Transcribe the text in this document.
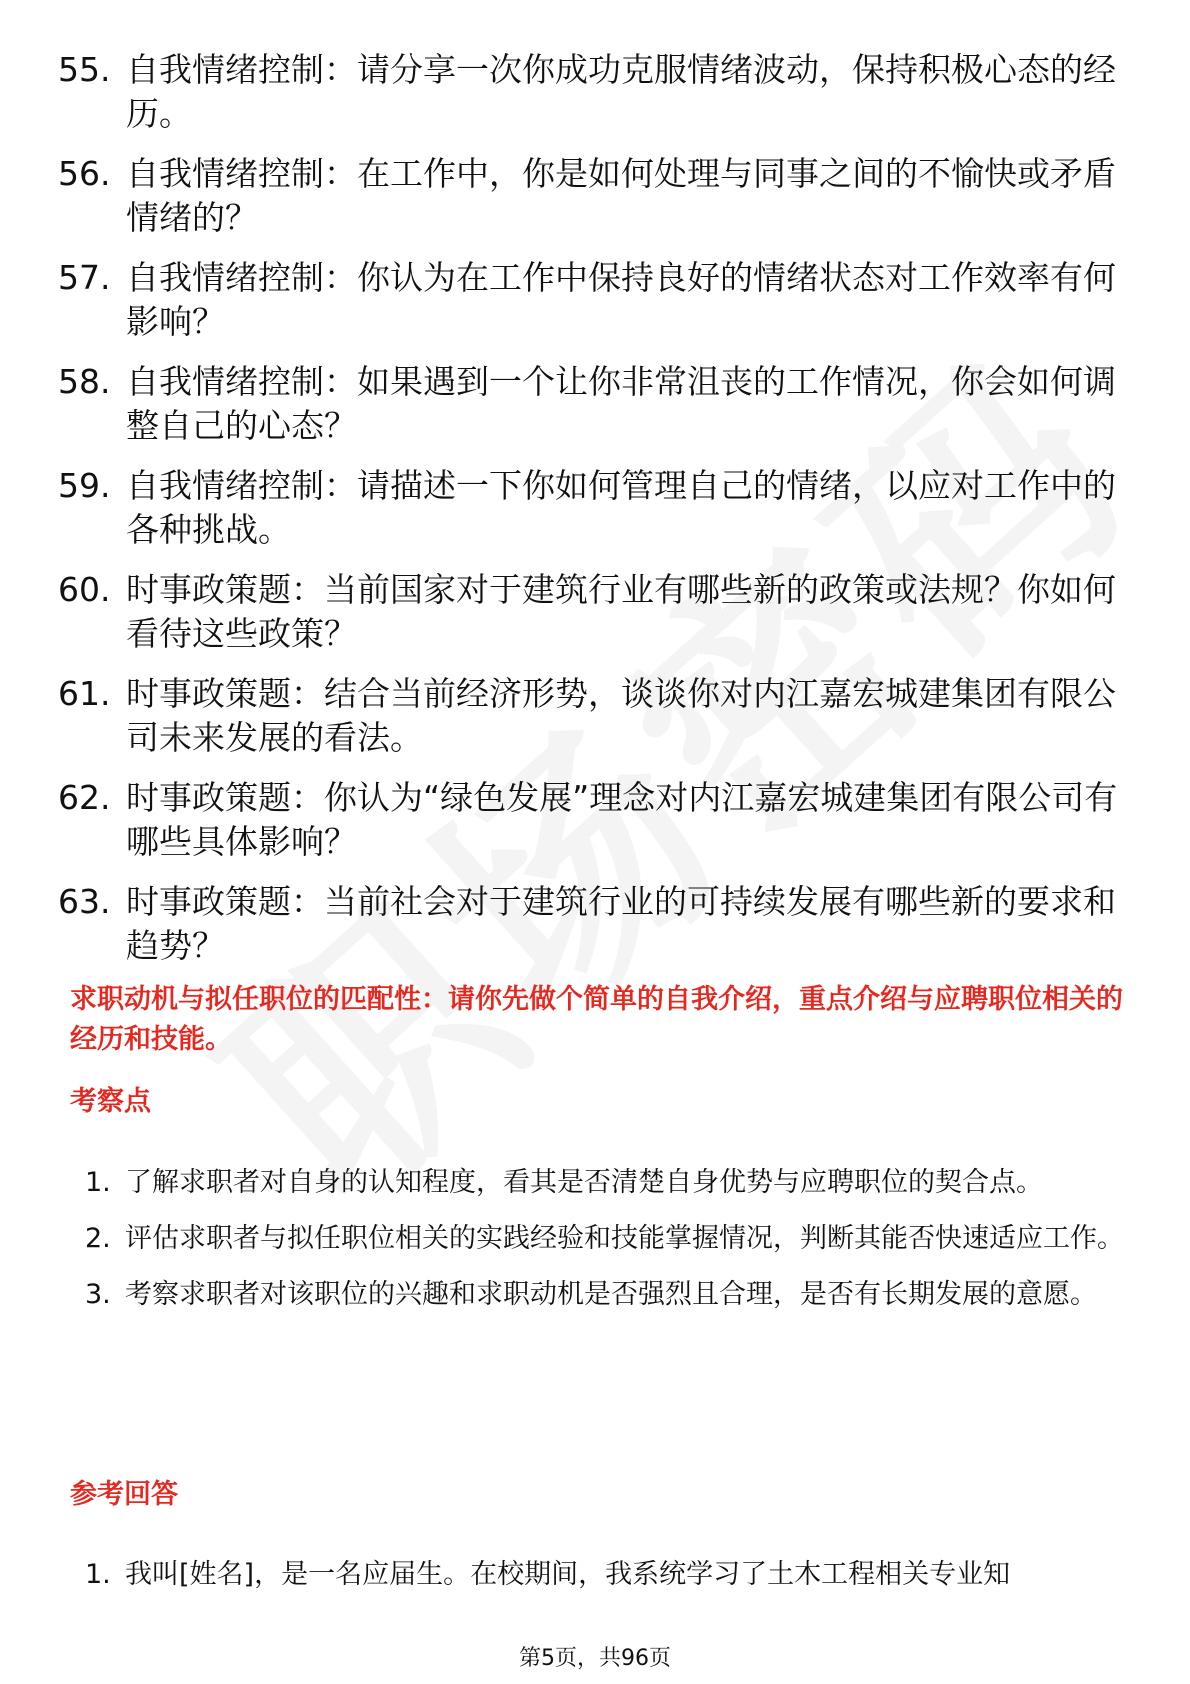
55. 自我情绪控制：请分享一次你成功克服情绪波动，保持积极心态的经历。
56. 自我情绪控制：在工作中，你是如何处理与同事之间的不愉快或矛盾情绪的？
57. 自我情绪控制：你认为在工作中保持良好的情绪状态对工作效率有何影响？
58. 自我情绪控制：如果遇到一个让你非常沮丧的工作情况，你会如何调整自己的心态？
59. 自我情绪控制：请描述一下你如何管理自己的情绪，以应对工作中的各种挑战。
60. 时事政策题：当前国家对于建筑行业有哪些新的政策或法规？你如何看待这些政策？
61. 时事政策题：结合当前经济形势，谈谈你对内江嘉宏城建集团有限公司未来发展的看法。
62. 时事政策题：你认为“绿色发展”理念对内江嘉宏城建集团有限公司有哪些具体影响？
63. 时事政策题：当前社会对于建筑行业的可持续发展有哪些新的要求和趋势？
求职动机与拟任职位的匹配性：请你先做个简单的自我介绍，重点介绍与应聘职位相关的经历和技能。
考察点
1. 了解求职者对自身的认知程度，看其是否清楚自身优势与应聘职位的契合点。
2. 评估求职者与拟任职位相关的实践经验和技能掌握情况，判断其能否快速适应工作。
3. 考察求职者对该职位的兴趣和求职动机是否强烈且合理，是否有长期发展的意愿。
参考回答
1. 我叫[姓名]，是一名应届生。在校期间，我系统学习了土木工程相关专业知
第5页，共96页
